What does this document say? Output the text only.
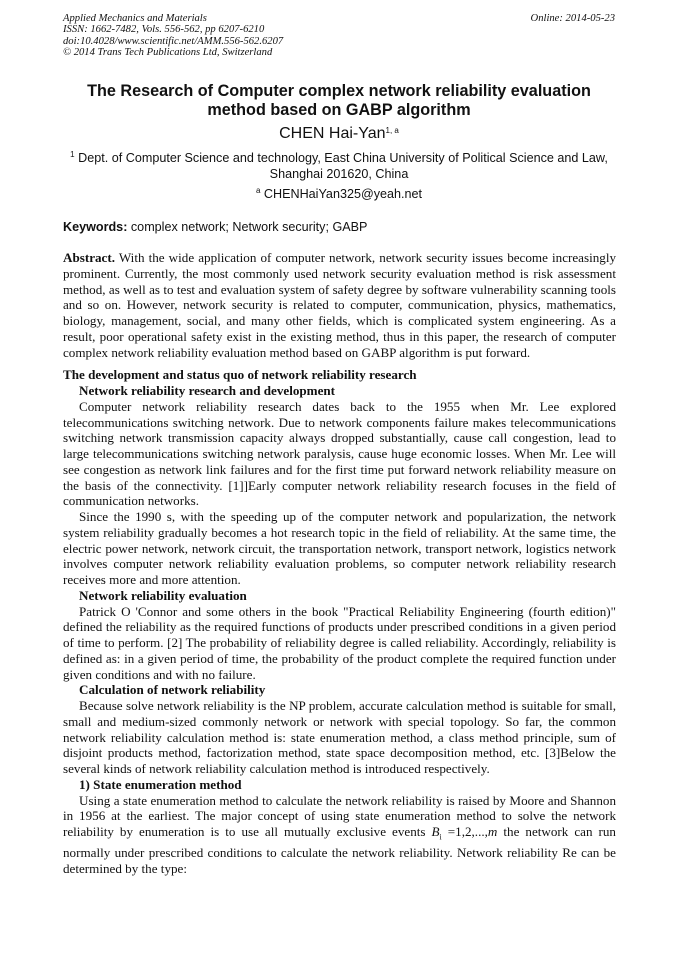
Applied Mechanics and Materials
ISSN: 1662-7482, Vols. 556-562, pp 6207-6210
doi:10.4028/www.scientific.net/AMM.556-562.6207
© 2014 Trans Tech Publications Ltd, Switzerland
Online: 2014-05-23
The Research of Computer complex network reliability evaluation method based on GABP algorithm
CHEN Hai-Yan$^{1, a}$
$^1$ Dept. of Computer Science and technology, East China University of Political Science and Law, Shanghai 201620, China
$^a$ CHENHaiYan325@yeah.net
Keywords: complex network; Network security; GABP

Abstract. With the wide application of computer network, network security issues become increasingly prominent. Currently, the most commonly used network security evaluation method is risk assessment method, as well as to test and evaluation system of safety degree by software vulnerability scanning tools and so on. However, network security is related to computer, communication, physics, mathematics, biology, management, social, and many other fields, which is complicated system engineering. As a result, poor operational safety exist in the existing method, thus in this paper, the research of computer complex network reliability evaluation method based on GABP algorithm is put forward.

The development and status quo of network reliability research

Network reliability research and development

Computer network reliability research dates back to the 1955 when Mr. Lee explored telecommunications switching network. Due to network components failure makes telecommunications switching network transmission capacity always dropped substantially, cause call congestion, lead to large telecommunications switching network paralysis, cause huge economic losses. When Mr. Lee will see congestion as network link failures and for the first time put forward network reliability measure on the basis of the connectivity. [1]]Early computer network reliability research focuses in the field of communication networks.

Since the 1990 s, with the speeding up of the computer network and popularization, the network system reliability gradually becomes a hot research topic in the field of reliability. At the same time, the electric power network, network circuit, the transportation network, transport network, logistics network involves computer network reliability evaluation problems, so computer network reliability research receives more and more attention.

Network reliability evaluation

Patrick O 'Connor and some others in the book "Practical Reliability Engineering (fourth edition)" defined the reliability as the required functions of products under prescribed conditions in a given period of time to perform. [2] The probability of reliability degree is called reliability. Accordingly, reliability is defined as: in a given period of time, the probability of the product complete the required function under given conditions and with no failure.

Calculation of network reliability

Because solve network reliability is the NP problem, accurate calculation method is suitable for small, small and medium-sized commonly network or network with special topology. So far, the common network reliability calculation method is: state enumeration method, a class method principle, sum of disjoint products method, factorization method, state space decomposition method, etc. [3]Below the several kinds of network reliability calculation method is introduced respectively.

1) State enumeration method

Using a state enumeration method to calculate the network reliability is raised by Moore and Shannon in 1956 at the earliest. The major concept of using state enumeration method to solve the network reliability by enumeration is to use all mutually exclusive events $B_i =1,2,...,m$ the network can run normally under prescribed conditions to calculate the network reliability. Network reliability Re can be determined by the type:
